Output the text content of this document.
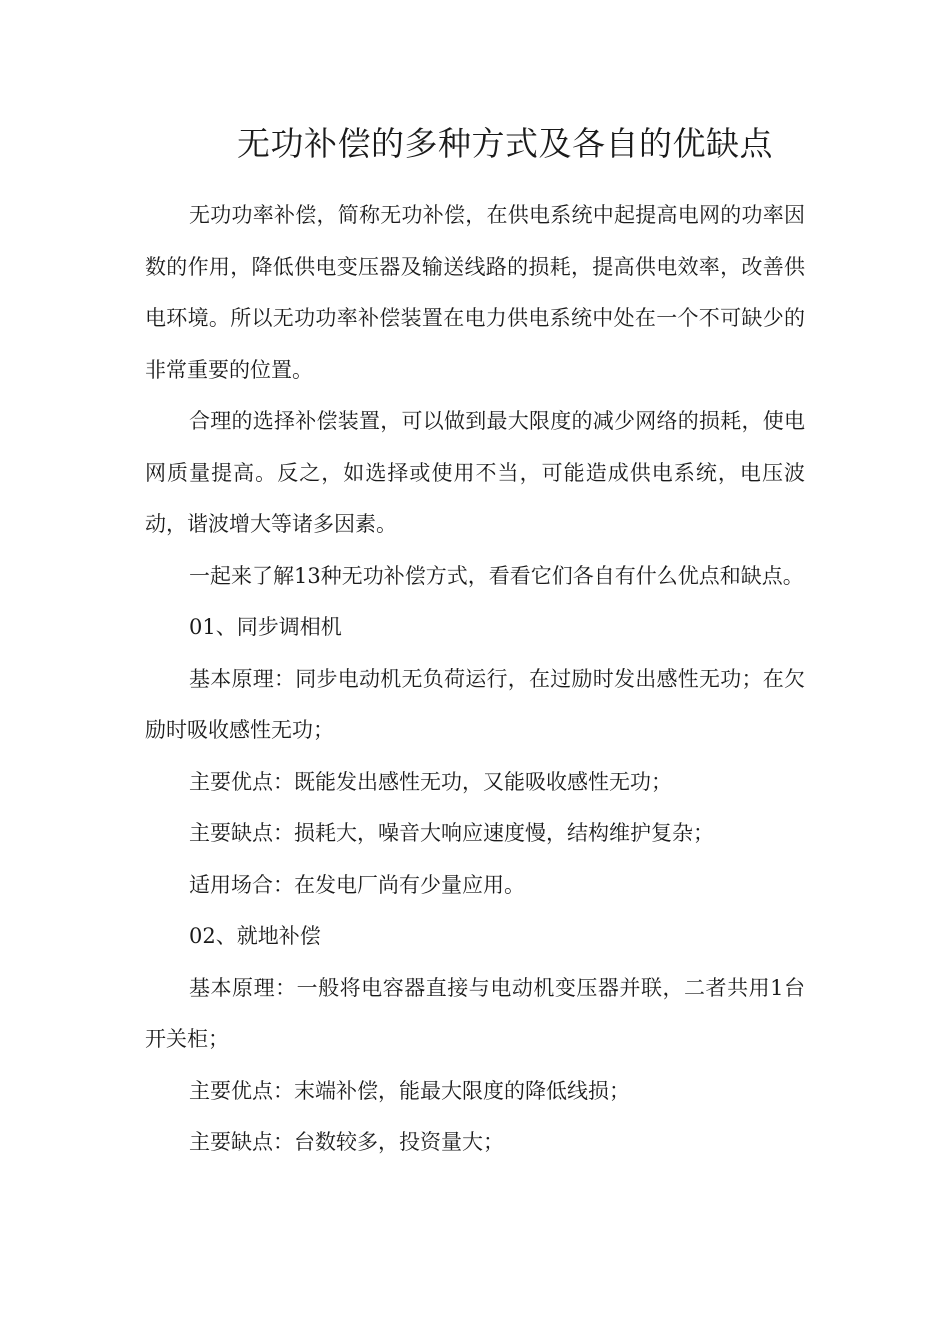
无功补偿的多种方式及各自的优缺点

无功功率补偿，简称无功补偿，在供电系统中起提高电网的功率因数的作用，降低供电变压器及输送线路的损耗，提高供电效率，改善供电环境。所以无功功率补偿装置在电力供电系统中处在一个不可缺少的非常重要的位置。

合理的选择补偿装置，可以做到最大限度的减少网络的损耗，使电网质量提高。反之，如选择或使用不当，可能造成供电系统，电压波动，谐波增大等诸多因素。

一起来了解13种无功补偿方式，看看它们各自有什么优点和缺点。

01、同步调相机

基本原理：同步电动机无负荷运行，在过励时发出感性无功；在欠励时吸收感性无功；

主要优点：既能发出感性无功，又能吸收感性无功；

主要缺点：损耗大，噪音大响应速度慢，结构维护复杂；

适用场合：在发电厂尚有少量应用。

02、就地补偿

基本原理：一般将电容器直接与电动机变压器并联，二者共用1台开关柜；

主要优点：末端补偿，能最大限度的降低线损；

主要缺点：台数较多，投资量大；
